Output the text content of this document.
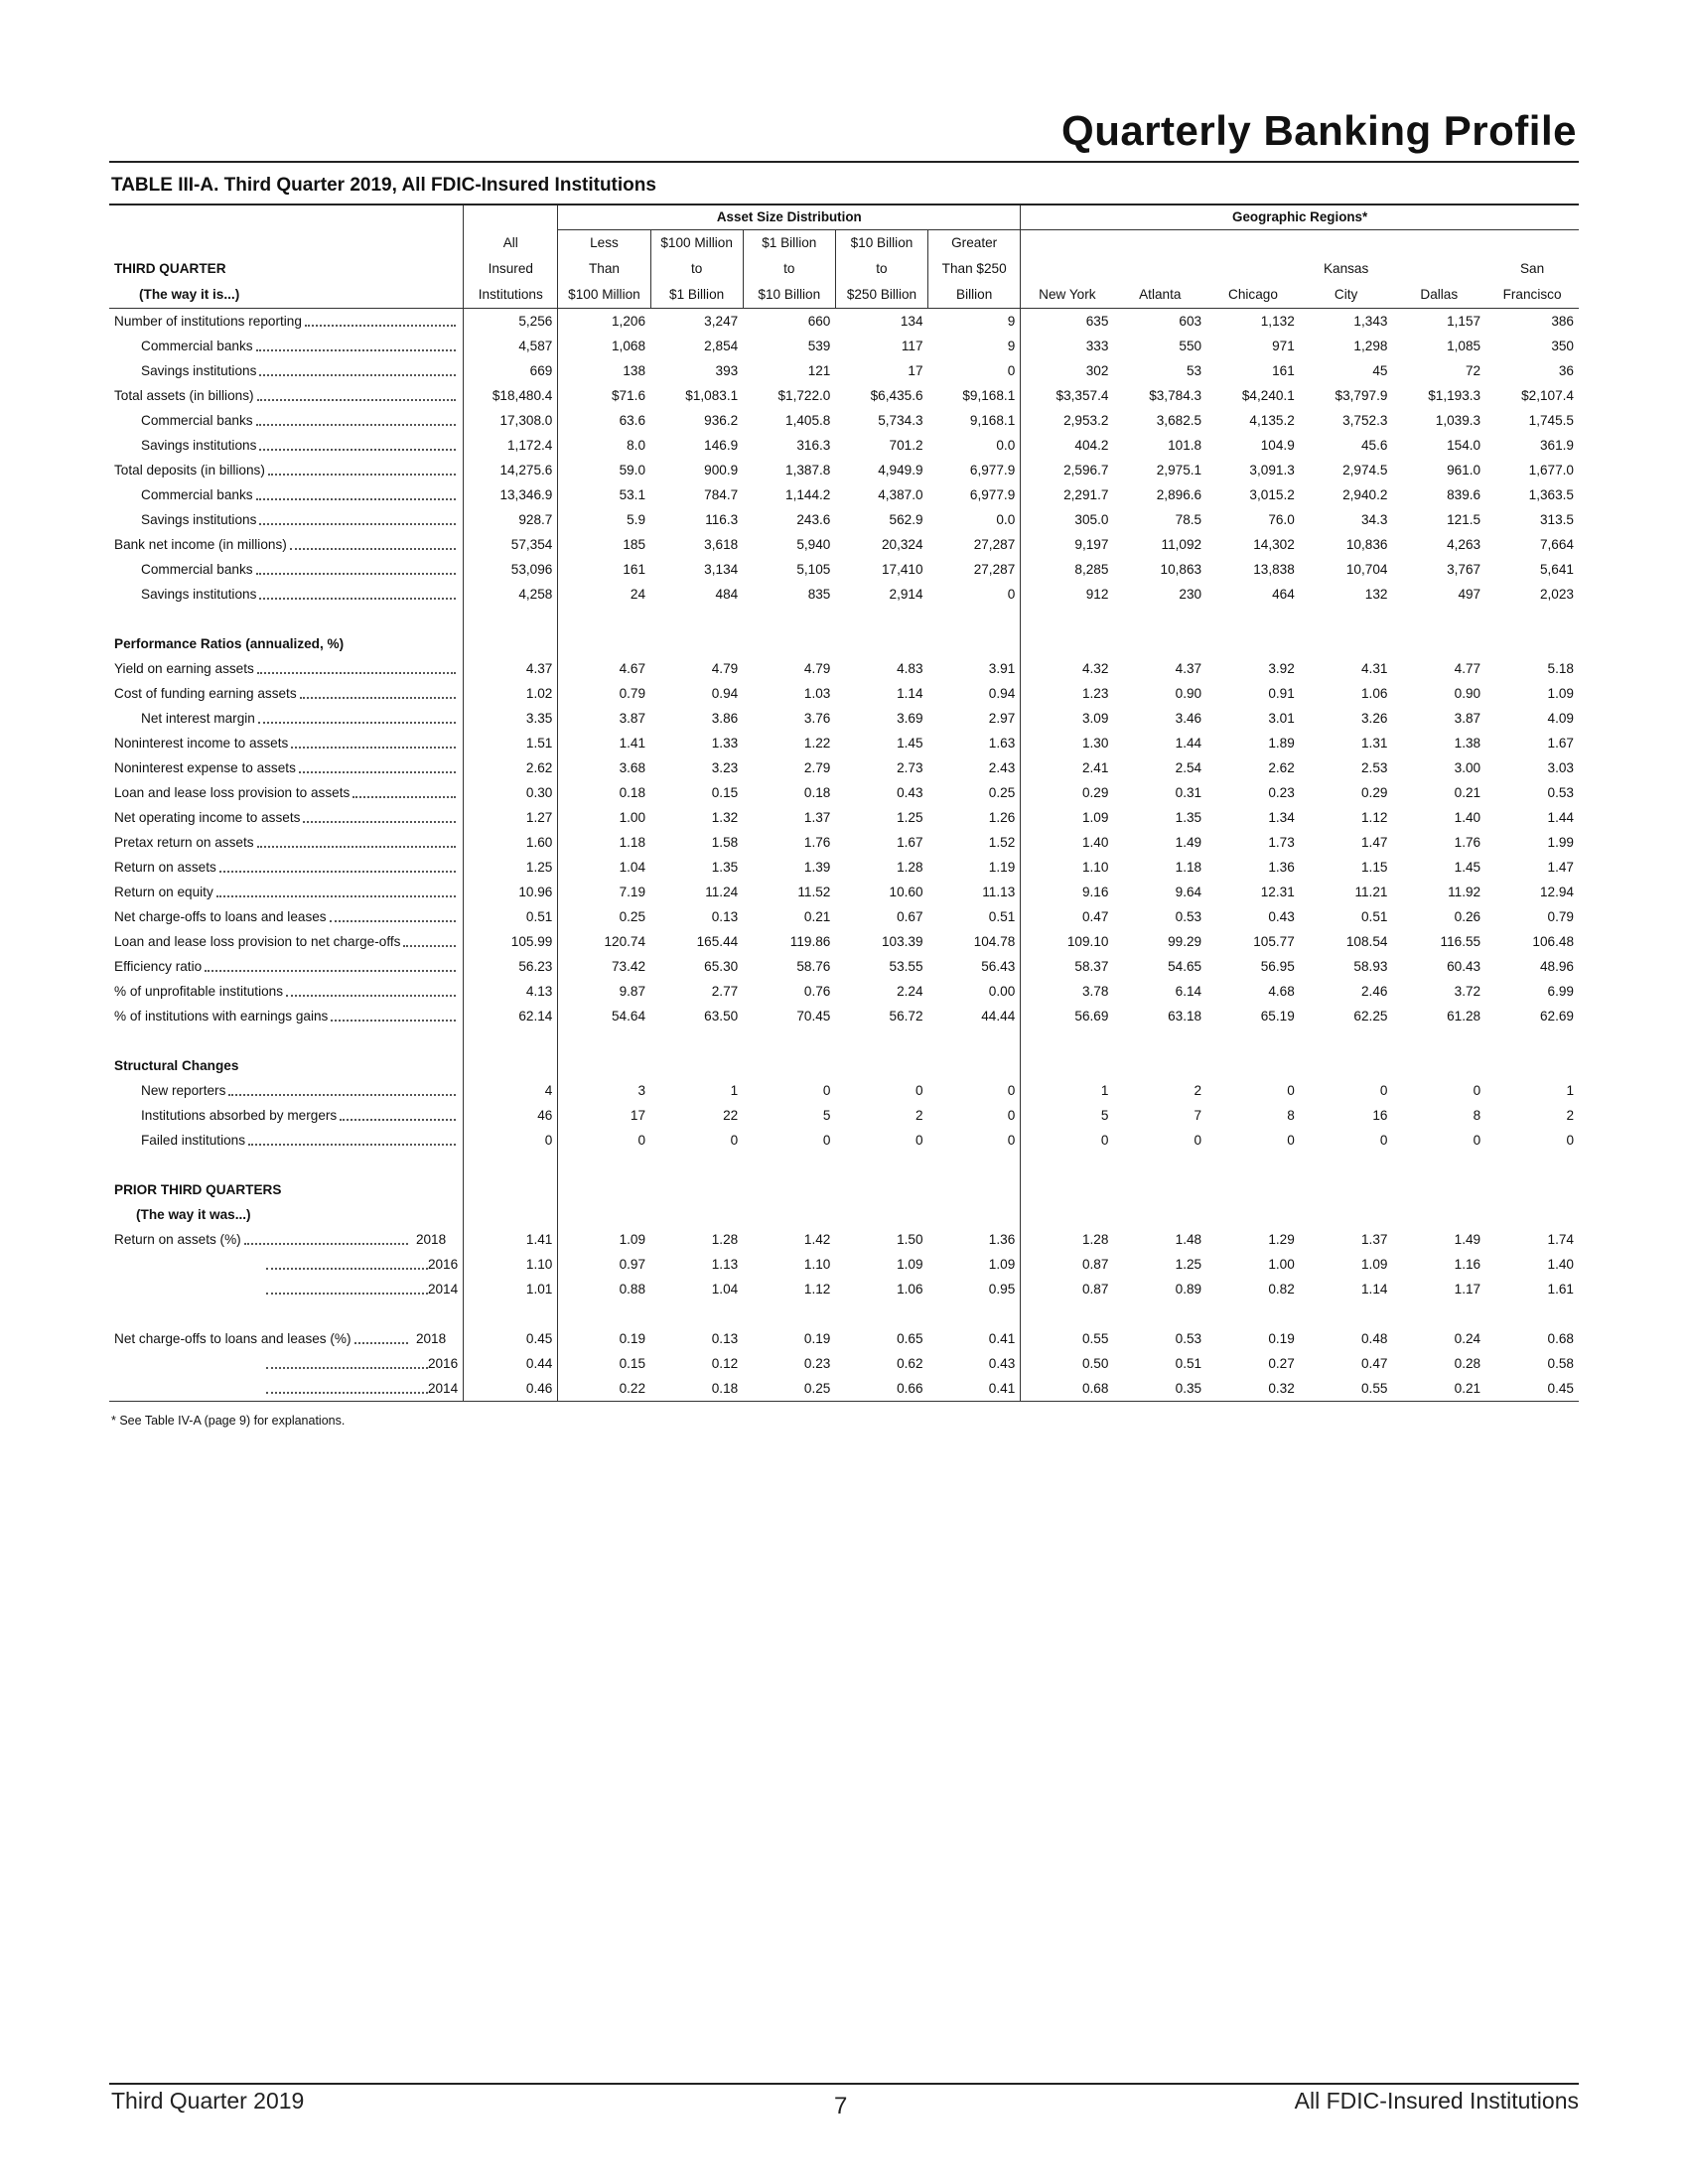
Quarterly Banking Profile
TABLE III-A. Third Quarter 2019, All FDIC-Insured Institutions
		Asset Size Distribution					Geographic Regions*					
	All	Less	$100 Million	$1 Billion	$10 Billion	Greater						
THIRD QUARTER	Insured	Than	to	to	to	Than $250				Kansas		San
(The way it is...)	Institutions	$100 Million	$1 Billion	$10 Billion	$250 Billion	Billion	New York	Atlanta	Chicago	City	Dallas	Francisco

Number of institutions reporting	5,256	1,206	3,247	660	134	9	635	603	1,132	1,343	1,157	386

Commercial banks	4,587	1,068	2,854	539	117	9	333	550	971	1,298	1,085	350

Savings institutions	669	138	393	121	17	0	302	53	161	45	72	36

Total assets (in billions)	$18,480.4	$71.6	$1,083.1	$1,722.0	$6,435.6	$9,168.1	$3,357.4	$3,784.3	$4,240.1	$3,797.9	$1,193.3	$2,107.4

Commercial banks	17,308.0	63.6	936.2	1,405.8	5,734.3	9,168.1	2,953.2	3,682.5	4,135.2	3,752.3	1,039.3	1,745.5

Savings institutions	1,172.4	8.0	146.9	316.3	701.2	0.0	404.2	101.8	104.9	45.6	154.0	361.9

Total deposits (in billions)	14,275.6	59.0	900.9	1,387.8	4,949.9	6,977.9	2,596.7	2,975.1	3,091.3	2,974.5	961.0	1,677.0

Commercial banks	13,346.9	53.1	784.7	1,144.2	4,387.0	6,977.9	2,291.7	2,896.6	3,015.2	2,940.2	839.6	1,363.5

Savings institutions	928.7	5.9	116.3	243.6	562.9	0.0	305.0	78.5	76.0	34.3	121.5	313.5

Bank net income (in millions)	57,354	185	3,618	5,940	20,324	27,287	9,197	11,092	14,302	10,836	4,263	7,664

Commercial banks	53,096	161	3,134	5,105	17,410	27,287	8,285	10,863	13,838	10,704	3,767	5,641

Savings institutions	4,258	24	484	835	2,914	0	912	230	464	132	497	2,023

Performance Ratios (annualized, %)												

Yield on earning assets	4.37	4.67	4.79	4.79	4.83	3.91	4.32	4.37	3.92	4.31	4.77	5.18

Cost of funding earning assets	1.02	0.79	0.94	1.03	1.14	0.94	1.23	0.90	0.91	1.06	0.90	1.09

Net interest margin	3.35	3.87	3.86	3.76	3.69	2.97	3.09	3.46	3.01	3.26	3.87	4.09

Noninterest income to assets	1.51	1.41	1.33	1.22	1.45	1.63	1.30	1.44	1.89	1.31	1.38	1.67

Noninterest expense to assets	2.62	3.68	3.23	2.79	2.73	2.43	2.41	2.54	2.62	2.53	3.00	3.03

Loan and lease loss provision to assets	0.30	0.18	0.15	0.18	0.43	0.25	0.29	0.31	0.23	0.29	0.21	0.53

Net operating income to assets	1.27	1.00	1.32	1.37	1.25	1.26	1.09	1.35	1.34	1.12	1.40	1.44

Pretax return on assets	1.60	1.18	1.58	1.76	1.67	1.52	1.40	1.49	1.73	1.47	1.76	1.99

Return on assets	1.25	1.04	1.35	1.39	1.28	1.19	1.10	1.18	1.36	1.15	1.45	1.47

Return on equity	10.96	7.19	11.24	11.52	10.60	11.13	9.16	9.64	12.31	11.21	11.92	12.94

Net charge-offs to loans and leases	0.51	0.25	0.13	0.21	0.67	0.51	0.47	0.53	0.43	0.51	0.26	0.79

Loan and lease loss provision to net charge-offs	105.99	120.74	165.44	119.86	103.39	104.78	109.10	99.29	105.77	108.54	116.55	106.48

Efficiency ratio	56.23	73.42	65.30	58.76	53.55	56.43	58.37	54.65	56.95	58.93	60.43	48.96

% of unprofitable institutions	4.13	9.87	2.77	0.76	2.24	0.00	3.78	6.14	4.68	2.46	3.72	6.99

% of institutions with earnings gains	62.14	54.64	63.50	70.45	56.72	44.44	56.69	63.18	65.19	62.25	61.28	62.69

Structural Changes												

New reporters	4	3	1	0	0	0	1	2	0	0	0	1

Institutions absorbed by mergers	46	17	22	5	2	0	5	7	8	16	8	2

Failed institutions	0	0	0	0	0	0	0	0	0	0	0	0

PRIOR THIRD QUARTERS												
(The way it was...)												

Return on assets (%) 2018	1.41	1.09	1.28	1.42	1.50	1.36	1.28	1.48	1.29	1.37	1.49	1.74

2016	1.10	0.97	1.13	1.10	1.09	1.09	0.87	1.25	1.00	1.09	1.16	1.40

2014	1.01	0.88	1.04	1.12	1.06	0.95	0.87	0.89	0.82	1.14	1.17	1.61

Net charge-offs to loans and leases (%) 2018	0.45	0.19	0.13	0.19	0.65	0.41	0.55	0.53	0.19	0.48	0.24	0.68

2016	0.44	0.15	0.12	0.23	0.62	0.43	0.50	0.51	0.27	0.47	0.28	0.58

2014	0.46	0.22	0.18	0.25	0.66	0.41	0.68	0.35	0.32	0.55	0.21	0.45

* See Table IV-A (page 9) for explanations.

Third Quarter 2019	7	All FDIC-Insured Institutions
